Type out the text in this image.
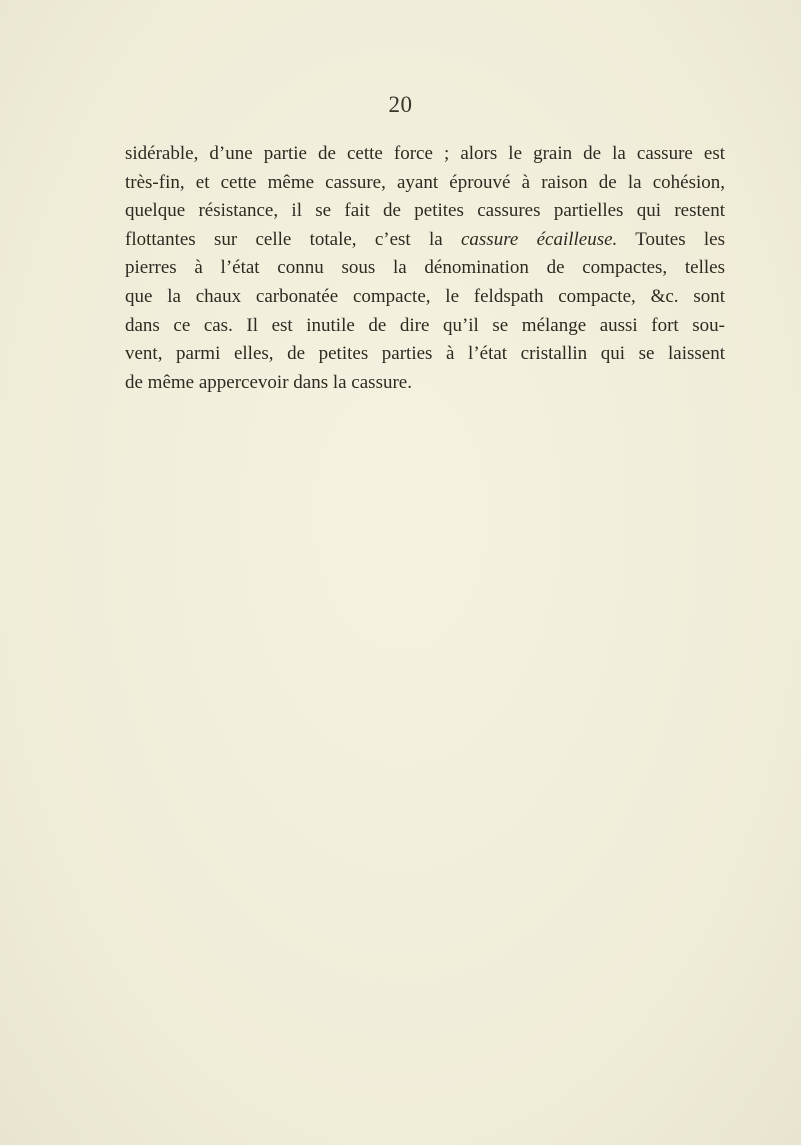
20
sidérable, d’une partie de cette force ; alors le grain de la cassure est
très-fin, et cette même cassure, ayant éprouvé à raison de la cohésion,
quelque résistance, il se fait de petites cassures partielles qui restent
flottantes sur celle totale, c’est la cassure écailleuse. Toutes les
pierres à l’état connu sous la dénomination de compactes, telles
que la chaux carbonatée compacte, le feldspath compacte, &c. sont
dans ce cas. Il est inutile de dire qu’il se mélange aussi fort sou-
vent, parmi elles, de petites parties à l’état cristallin qui se laissent
de même appercevoir dans la cassure.
